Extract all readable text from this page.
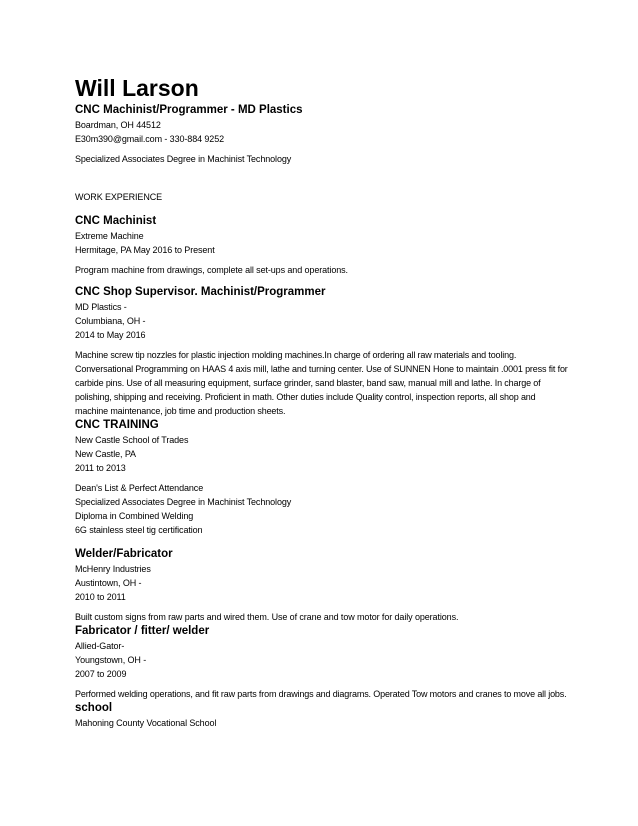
Will Larson
CNC Machinist/Programmer - MD Plastics
Boardman, OH 44512
E30m390@gmail.com - 330-884 9252
Specialized Associates Degree in Machinist Technology
WORK EXPERIENCE
CNC Machinist
Extreme Machine
Hermitage, PA May 2016 to Present
Program machine from drawings, complete all set-ups and operations.
CNC Shop Supervisor. Machinist/Programmer
MD Plastics -
Columbiana, OH -
2014 to May 2016
Machine screw tip nozzles for plastic injection molding machines.In charge of ordering all raw materials and tooling. Conversational Programming on HAAS 4 axis mill, lathe and turning center. Use of SUNNEN Hone to maintain .0001 press fit for carbide pins. Use of all measuring equipment, surface grinder, sand blaster, band saw, manual mill and lathe. In charge of polishing, shipping and receiving. Proficient in math. Other duties include Quality control, inspection reports, all shop and machine maintenance, job time and production sheets.
CNC TRAINING
New Castle School of Trades
New Castle, PA
2011 to 2013
Dean's List & Perfect Attendance
Specialized Associates Degree in Machinist Technology
Diploma in Combined Welding
6G stainless steel tig certification
Welder/Fabricator
McHenry Industries
Austintown, OH -
2010 to 2011
Built custom signs from raw parts and wired them. Use of crane and tow motor for daily operations.
Fabricator / fitter/ welder
Allied-Gator-
Youngstown, OH -
2007 to 2009
Performed welding operations, and fit raw parts from drawings and diagrams. Operated Tow motors and cranes to move all jobs.
school
Mahoning County Vocational School
